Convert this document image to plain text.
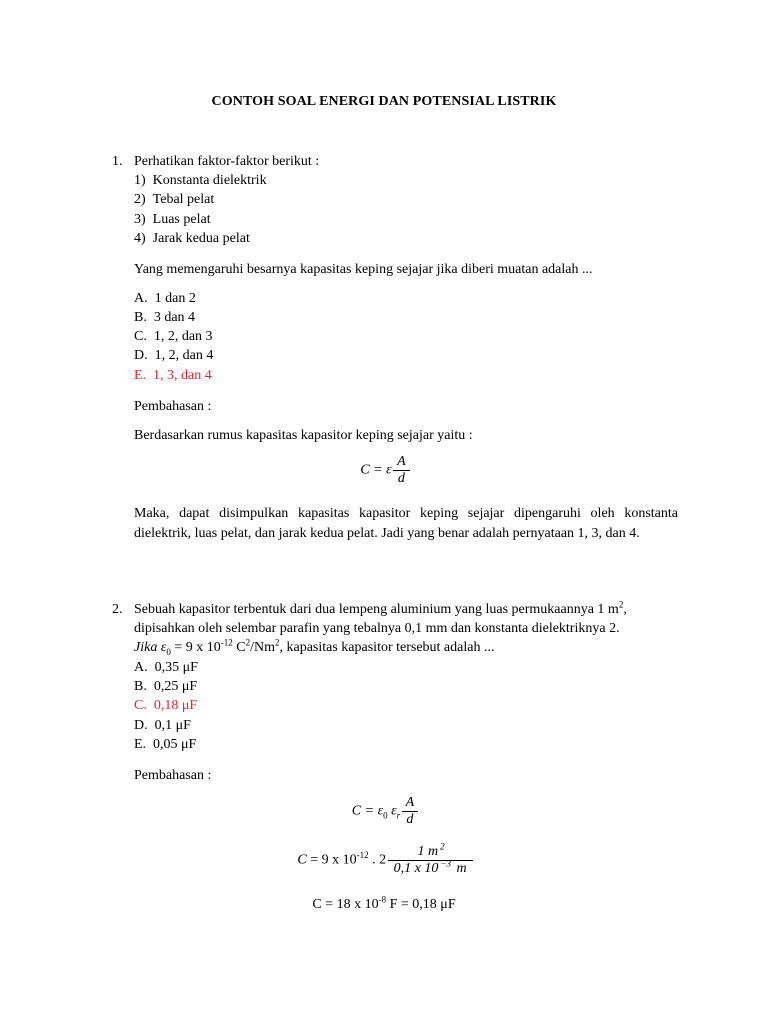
CONTOH SOAL ENERGI DAN POTENSIAL LISTRIK
1. Perhatikan faktor-faktor berikut :
1)  Konstanta dielektrik
2)  Tebal pelat
3)  Luas pelat
4)  Jarak kedua pelat
Yang memengaruhi besarnya kapasitas keping sejajar jika diberi muatan adalah ...
A.  1 dan 2
B.  3 dan 4
C.  1, 2, dan 3
D.  1, 2, dan 4
E.  1, 3, dan 4
Pembahasan :
Berdasarkan rumus kapasitas kapasitor keping sejajar yaitu :
C = ε $\frac{A}{d}$
Maka, dapat disimpulkan kapasitas kapasitor keping sejajar dipengaruhi oleh konstanta dielektrik, luas pelat, dan jarak kedua pelat. Jadi yang benar adalah pernyataan 1, 3, dan 4.
2. Sebuah kapasitor terbentuk dari dua lempeng aluminium yang luas permukaannya 1 $m^2$,
dipisahkan oleh selembar parafin yang tebalnya 0,1 mm dan konstanta dielektriknya 2.
Jika $\varepsilon_0 = 9$ x $10^{-12}$ $C^2/Nm^2$, kapasitas kapasitor tersebut adalah ...
A.  0,35 μF
B.  0,25 μF
C.  0,18 μF
D.  0,1 μF
E.  0,05 μF
Pembahasan :
$C = \varepsilon_0$ $\varepsilon_r \frac{A}{d}$
C = 9 x $10^{-12}$ . $2 \frac{1 m ^2}{0,1 x 10 ^{-3} m}$
C = 18 x $10^{-8}$ F = 0,18 μF
